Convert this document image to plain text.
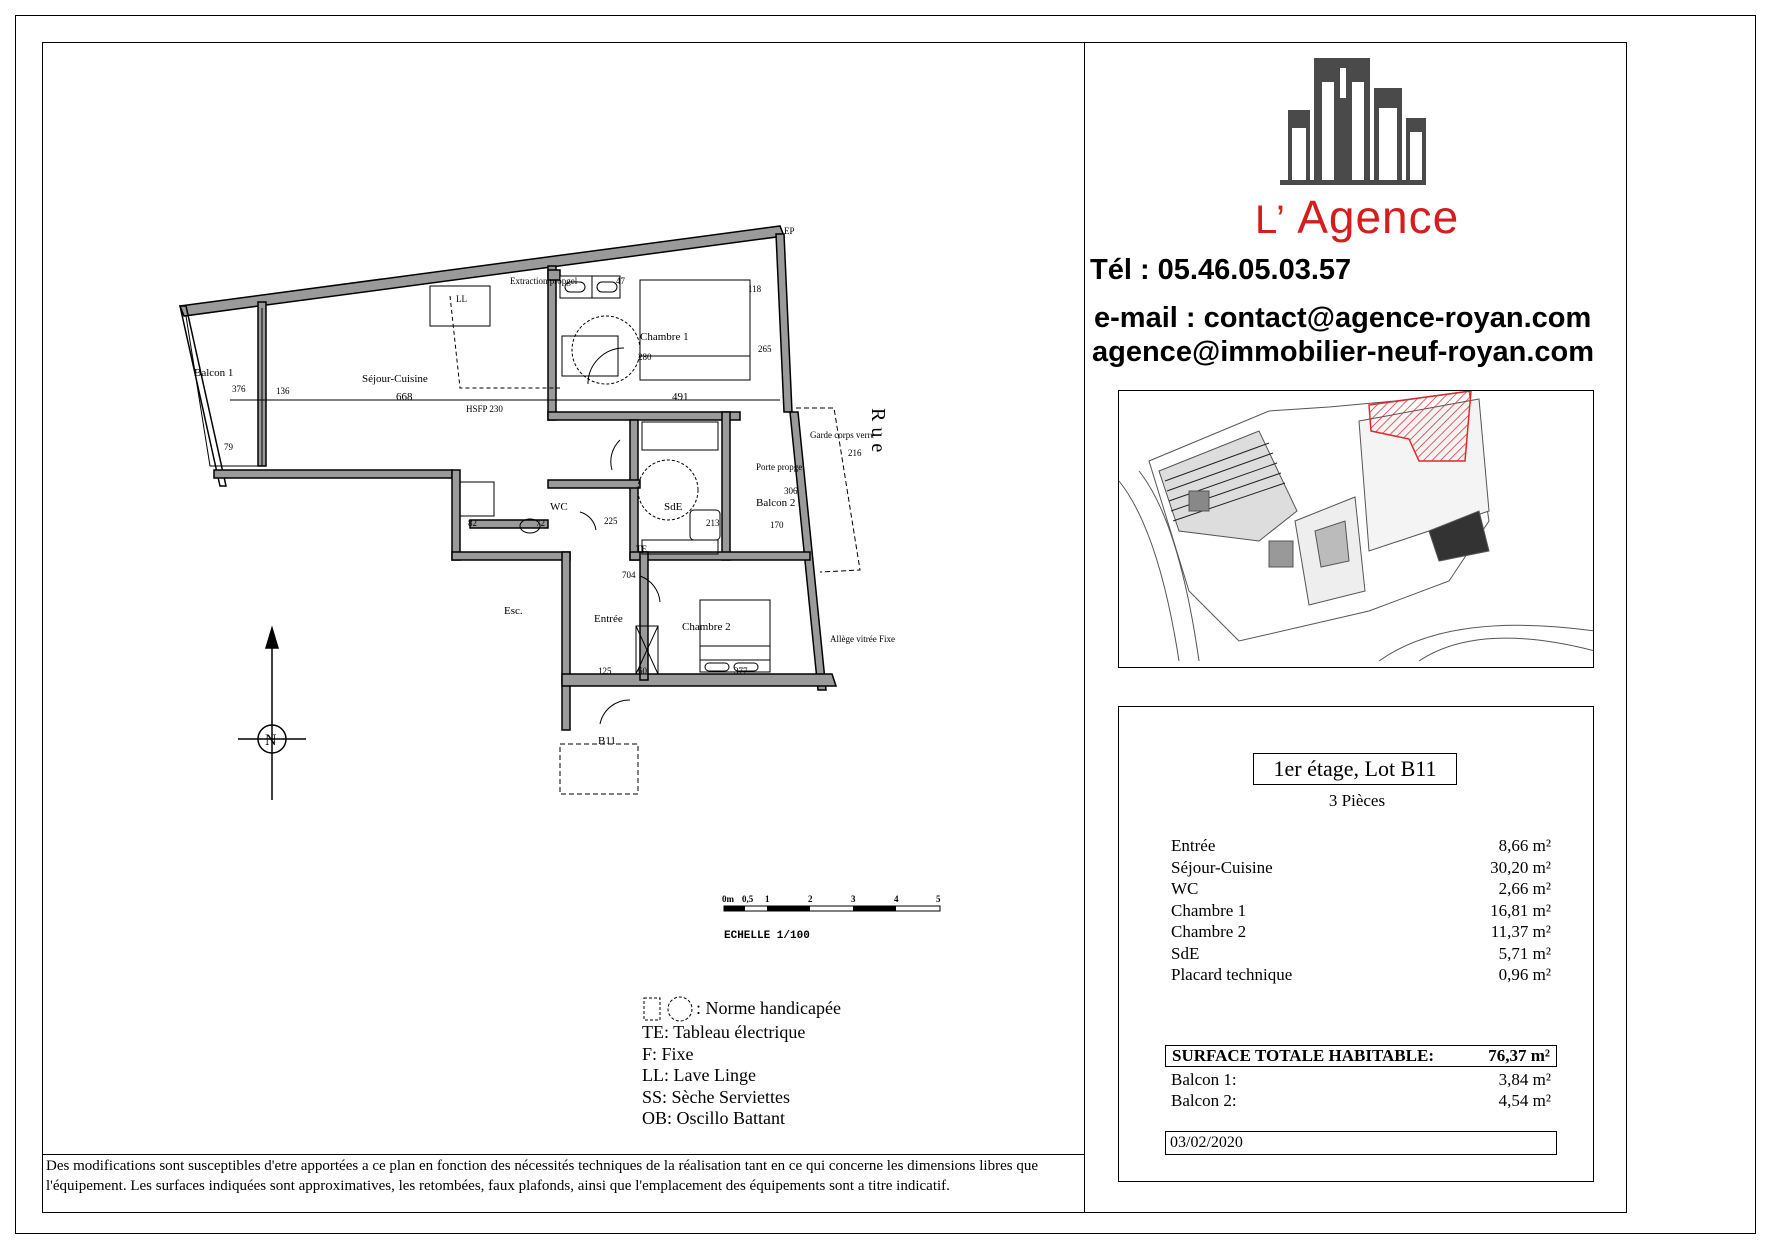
Balcon 1	Séjour-Cuisine
Chambre 1
Chambre 2
SdE
WC	Balcon 2
Entrée
Esc.
B11
668	491
376
79
170
125	60	377
225
280
47
118
265
306
704
213
82	72
216
136
LL
Extraction propgel
Garde corps verre
EP
HSFP 230
Allège vitrée Fixe
Porte propgel
TE
Rue
N
0m 0,5 1	2	3	4	5
ECHELLE 1/100
: Norme handicapée
TE: Tableau électrique
F: Fixe
LL: Lave Linge
SS: Sèche Serviettes
OB: Oscillo Battant
Des modifications sont susceptibles d'etre apportées a ce plan en fonction des nécessités techniques de la réalisation tant en ce qui concerne les dimensions libres que l'équipement. Les surfaces indiquées sont approximatives, les retombées, faux plafonds, ainsi que l'emplacement des équipements sont a titre indicatif.
L’ Agence
Tél : 05.46.05.03.57
e-mail : contact@agence-royan.com
agence@immobilier-neuf-royan.com
1er étage, Lot B11
3 Pièces
Entrée	8,66 m²
Séjour-Cuisine	30,20 m²
WC	2,66 m²
Chambre 1	16,81 m²
Chambre 2	11,37 m²
SdE	5,71 m²
Placard technique	0,96 m²
SURFACE TOTALE HABITABLE:	76,37 m²
Balcon 1:	3,84 m²
Balcon 2:	4,54 m²
03/02/2020
